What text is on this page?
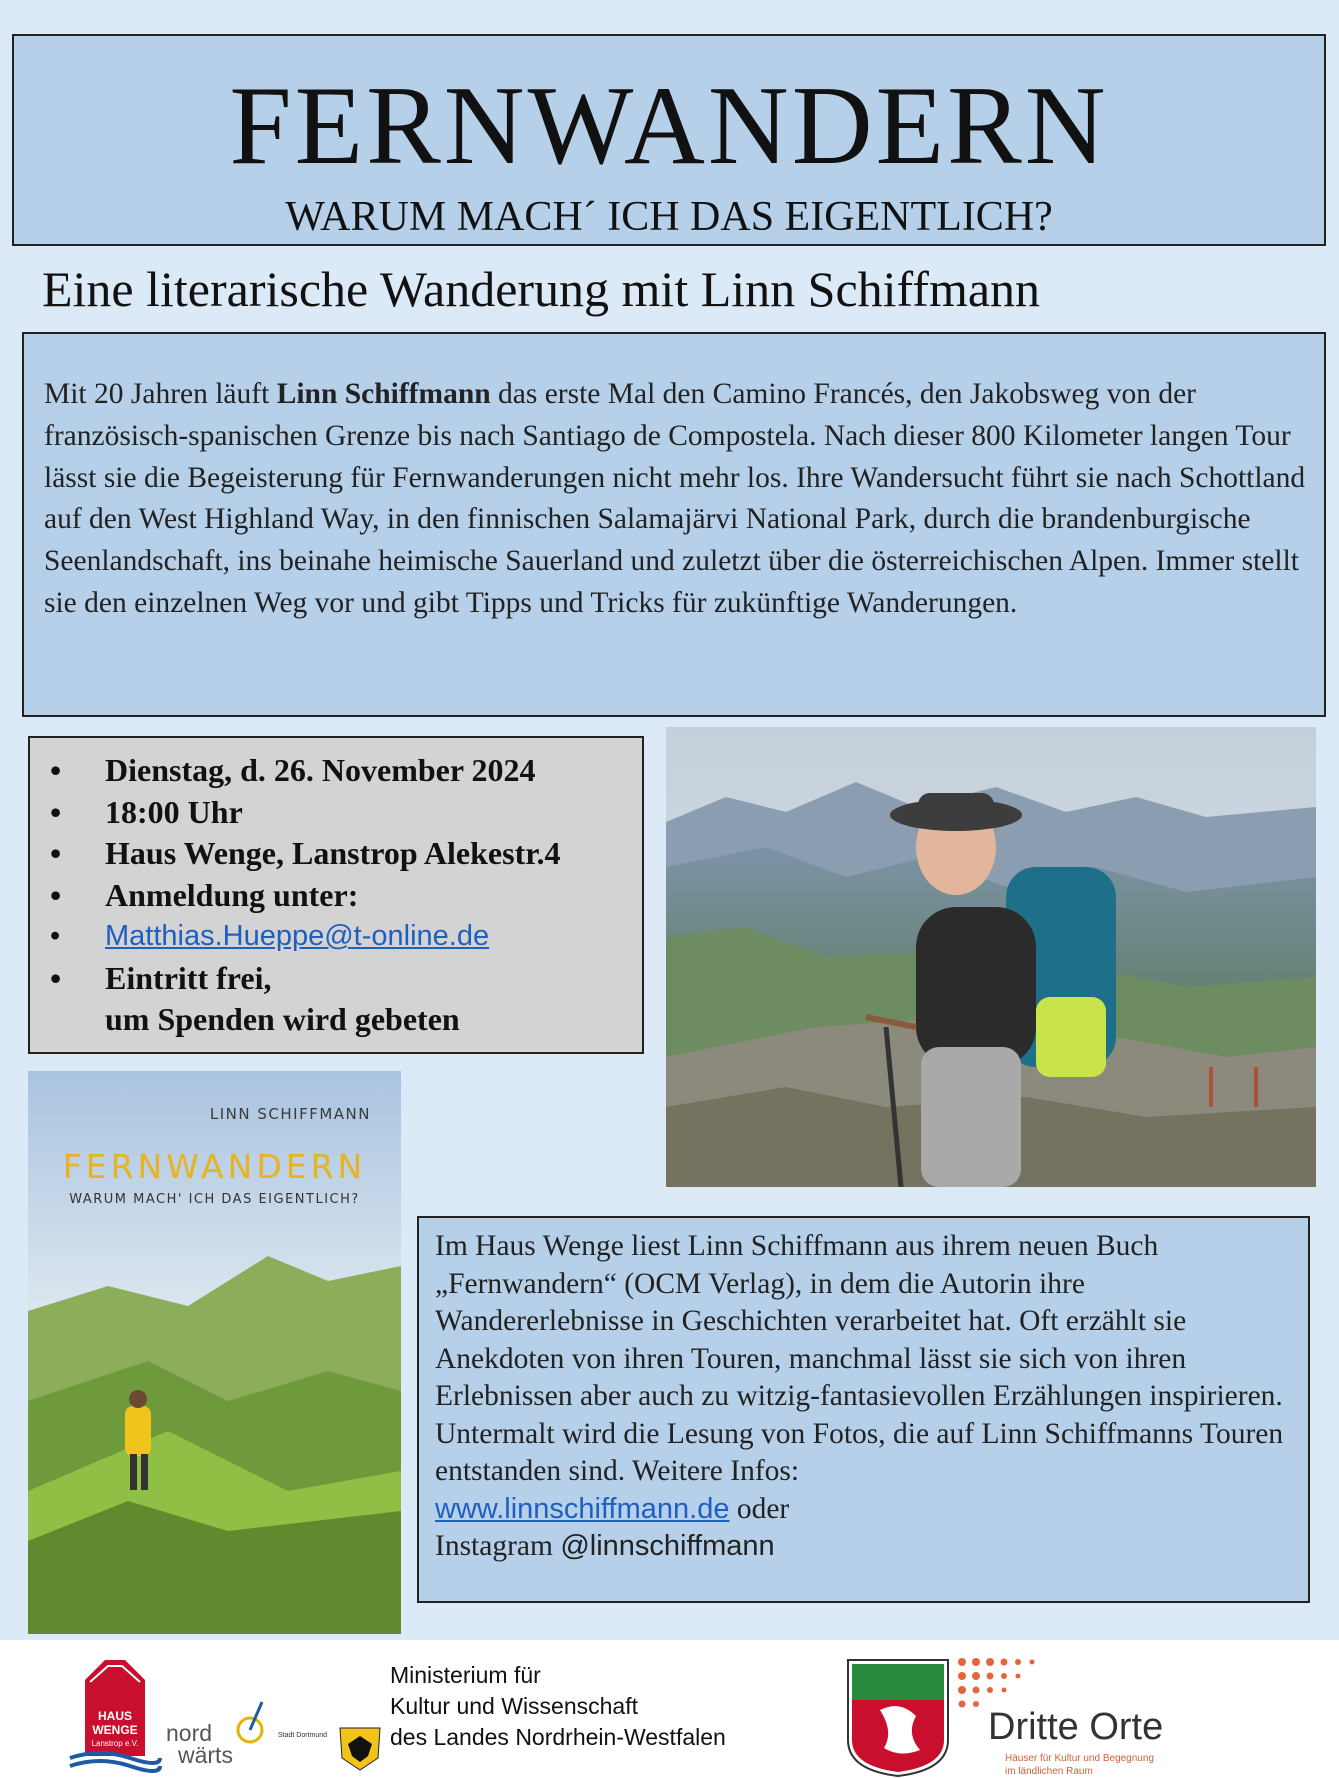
FERNWANDERN
WARUM MACH´ ICH DAS EIGENTLICH?
Eine literarische Wanderung mit Linn Schiffmann

Mit 20 Jahren läuft Linn Schiffmann das erste Mal den Camino Francés, den Jakobsweg von der französisch-spanischen Grenze bis nach Santiago de Compostela. Nach dieser 800 Kilometer langen Tour lässt sie die Begeisterung für Fernwanderungen nicht mehr los. Ihre Wandersucht führt sie nach Schottland auf den West Highland Way, in den finnischen Salamajärvi National Park, durch die brandenburgische Seenlandschaft, ins beinahe heimische Sauerland und zuletzt über die österreichischen Alpen. Immer stellt sie den einzelnen Weg vor und gibt Tipps und Tricks für zukünftige Wanderungen.

• Dienstag, d. 26. November 2024
• 18:00 Uhr
• Haus Wenge, Lanstrop Alekestr.4
• Anmeldung unter:
• Matthias.Hueppe@t-online.de
• Eintritt frei,
um Spenden wird gebeten
LINN SCHIFFMANN
FERNWANDERN
WARUM MACH' ICH DAS EIGENTLICH?

Im Haus Wenge liest Linn Schiffmann aus ihrem neuen Buch „Fernwandern“ (OCM Verlag), in dem die Autorin ihre Wandererlebnisse in Geschichten verarbeitet hat. Oft erzählt sie Anekdoten von ihren Touren, manchmal lässt sie sich von ihren Erlebnissen aber auch zu witzig-fantasievollen Erzählungen inspirieren. Untermalt wird die Lesung von Fotos, die auf Linn Schiffmanns Touren entstanden sind. Weitere Infos:

www.linnschiffmann.de oder

Instagram @linnschiffmann

HAUS
WENGE
Lanstrop e.V. nord
wärts
Stadt Dortmund
Ministerium für
Kultur und Wissenschaft
des Landes Nordrhein-Westfalen	Dritte Orte
Häuser für Kultur und Begegnung
im ländlichen Raum
